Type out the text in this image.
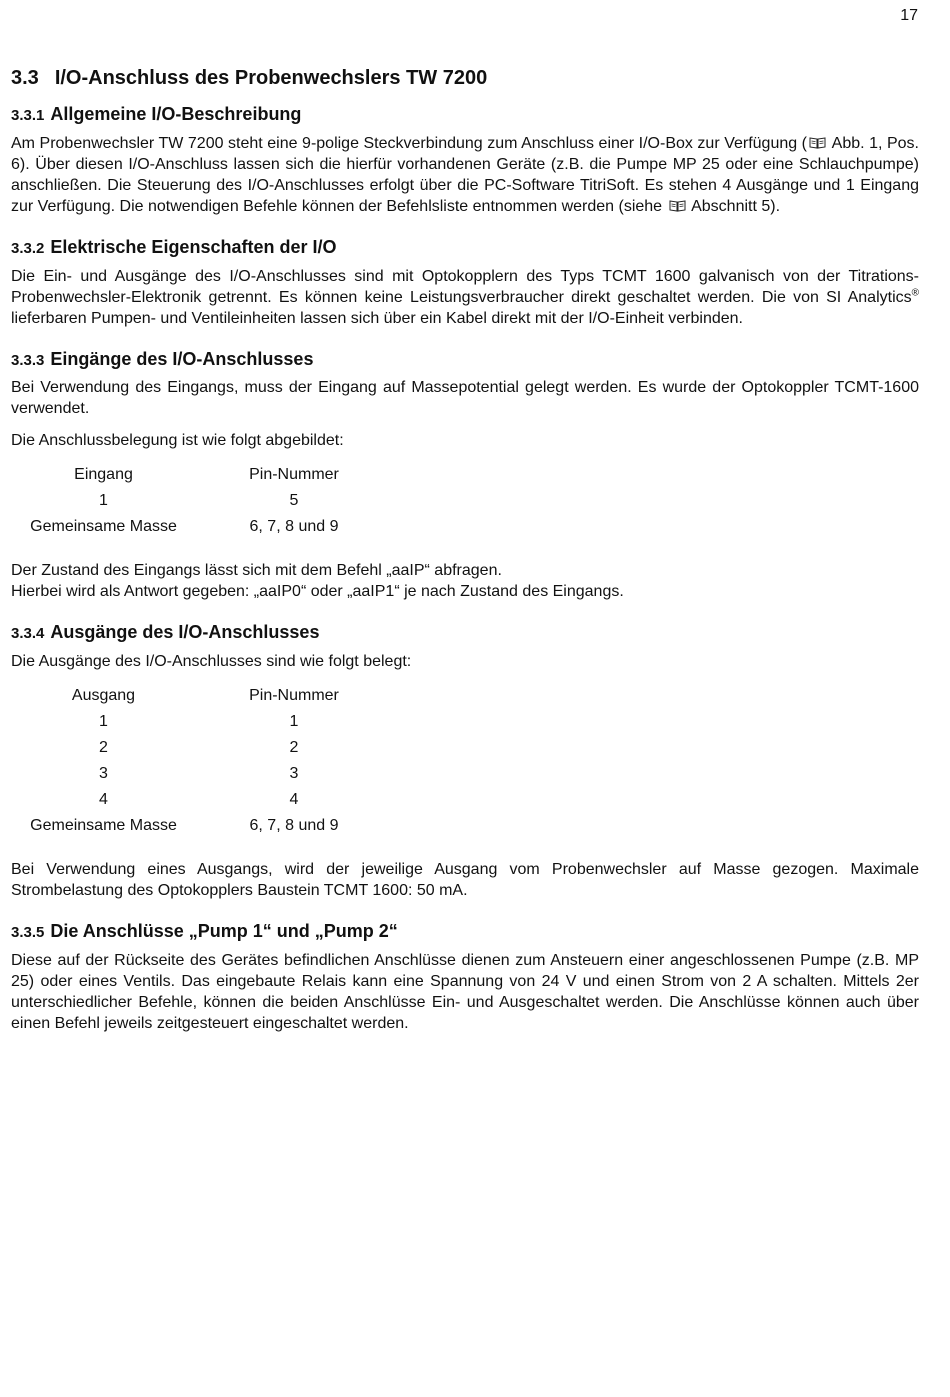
17
3.3 I/O-Anschluss des Probenwechslers TW 7200
3.3.1 Allgemeine I/O-Beschreibung

Am Probenwechsler TW 7200 steht eine 9-polige Steckverbindung zum Anschluss einer I/O-Box zur Verfügung ( Abb. 1, Pos. 6). Über diesen I/O-Anschluss lassen sich die hierfür vorhandenen Geräte (z.B. die Pumpe MP 25 oder eine Schlauchpumpe) anschließen. Die Steuerung des I/O-Anschlusses erfolgt über die PC-Software TitriSoft. Es stehen 4 Ausgänge und 1 Eingang zur Verfügung. Die notwendigen Befehle können der Befehlsliste entnommen werden (siehe  Abschnitt 5).

3.3.2 Elektrische Eigenschaften der I/O

Die Ein- und Ausgänge des I/O-Anschlusses sind mit Optokopplern des Typs TCMT 1600 galvanisch von der Titrations-Probenwechsler-Elektronik getrennt. Es können keine Leistungsverbraucher direkt geschaltet werden. Die von SI Analytics® lieferbaren Pumpen- und Ventileinheiten lassen sich über ein Kabel direkt mit der I/O-Einheit verbinden.

3.3.3 Eingänge des I/O-Anschlusses

Bei Verwendung des Eingangs, muss der Eingang auf Massepotential gelegt werden. Es wurde der Optokoppler TCMT-1600 verwendet.

Die Anschlussbelegung ist wie folgt abgebildet:

Eingang		Pin-Nummer
1		5
Gemeinsame Masse		6, 7, 8 und 9

Der Zustand des Eingangs lässt sich mit dem Befehl „aaIP“ abfragen.

Hierbei wird als Antwort gegeben: „aaIP0“ oder „aaIP1“ je nach Zustand des Eingangs.

3.3.4 Ausgänge des I/O-Anschlusses

Die Ausgänge des I/O-Anschlusses sind wie folgt belegt:

Ausgang		Pin-Nummer
1		1
2		2
3		3
4		4
Gemeinsame Masse		6, 7, 8 und 9

Bei Verwendung eines Ausgangs, wird der jeweilige Ausgang vom Probenwechsler auf Masse gezogen. Maximale Strombelastung des Optokopplers Baustein TCMT 1600: 50 mA.

3.3.5 Die Anschlüsse „Pump 1“ und „Pump 2“

Diese auf der Rückseite des Gerätes befindlichen Anschlüsse dienen zum Ansteuern einer angeschlossenen Pumpe (z.B. MP 25) oder eines Ventils. Das eingebaute Relais kann eine Spannung von 24 V und einen Strom von 2 A schalten. Mittels 2er unterschiedlicher Befehle, können die beiden Anschlüsse Ein- und Ausgeschaltet werden. Die Anschlüsse können auch über einen Befehl jeweils zeitgesteuert eingeschaltet werden.
